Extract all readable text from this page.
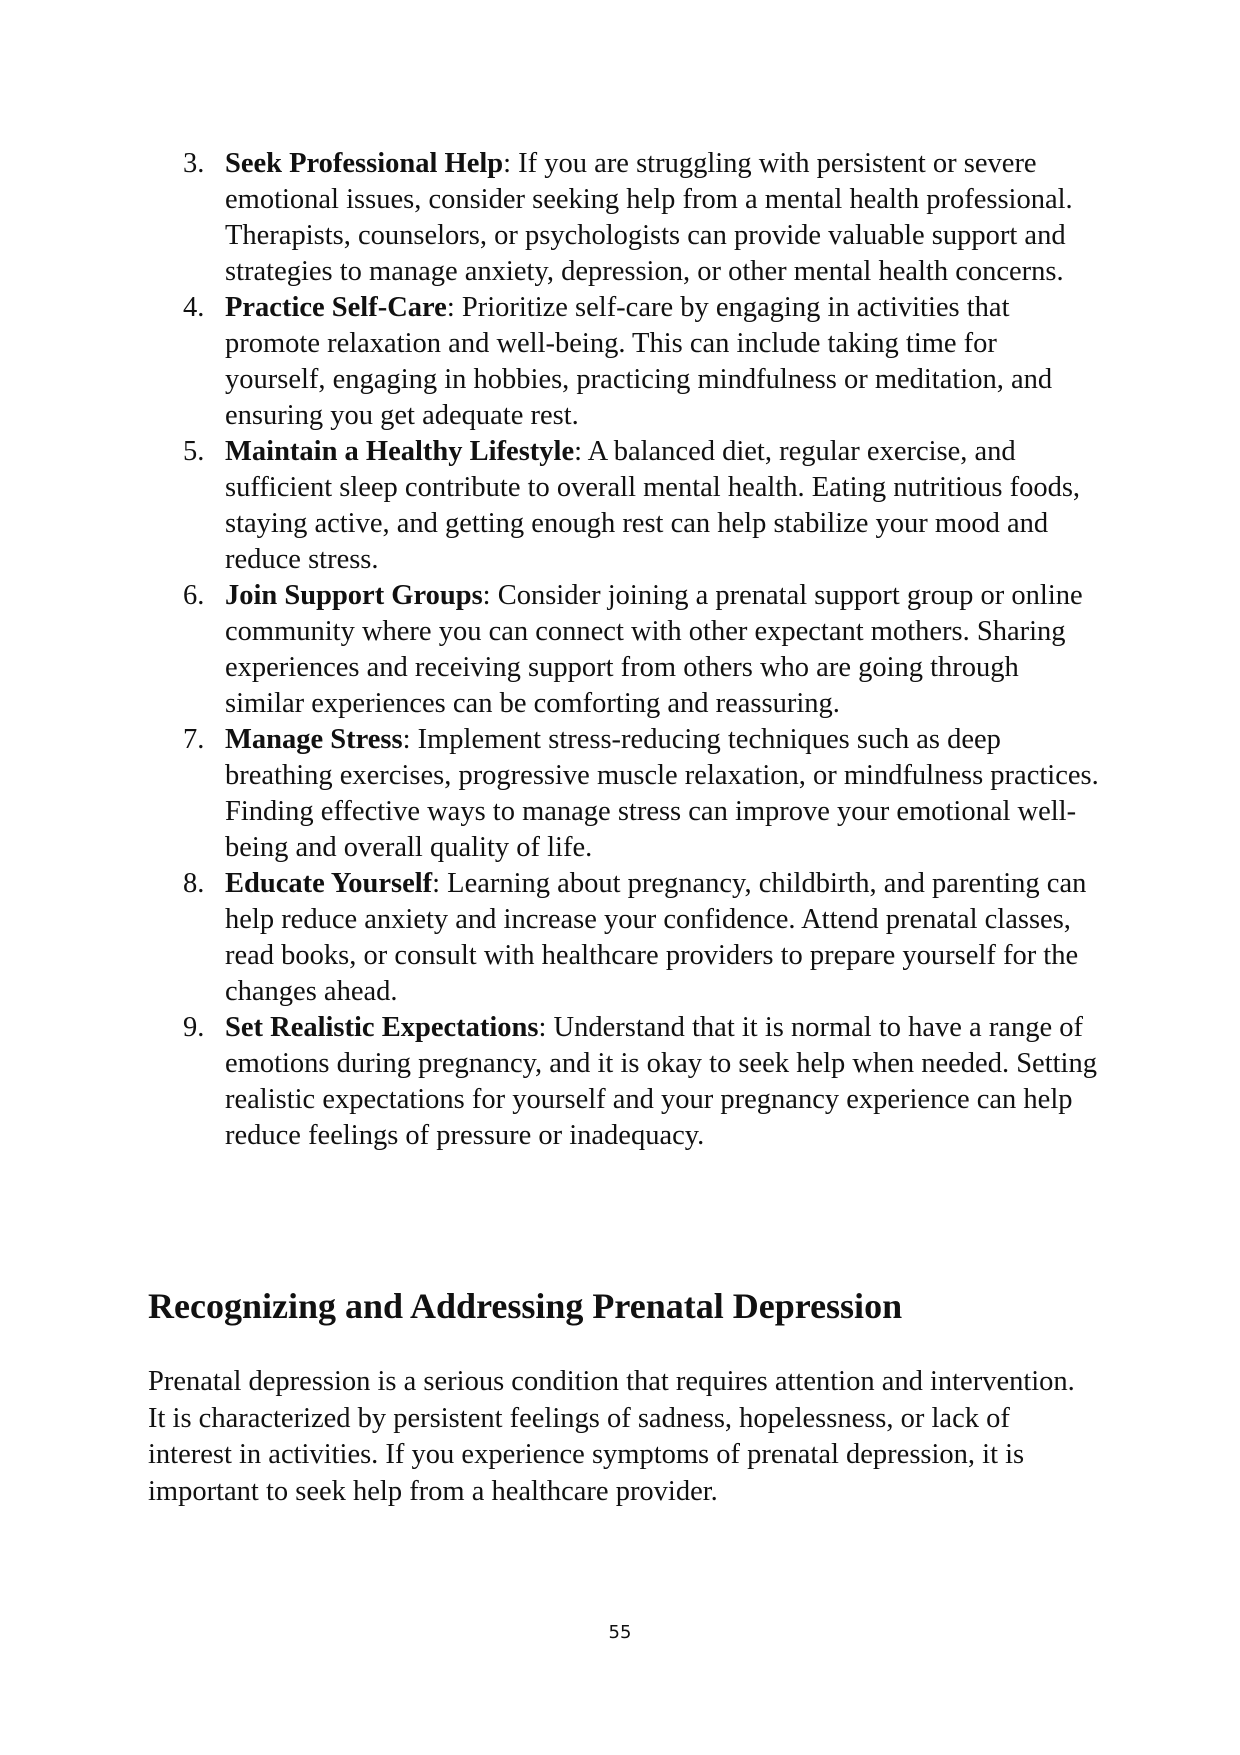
3. Seek Professional Help: If you are struggling with persistent or severe emotional issues, consider seeking help from a mental health professional. Therapists, counselors, or psychologists can provide valuable support and strategies to manage anxiety, depression, or other mental health concerns.
4. Practice Self-Care: Prioritize self-care by engaging in activities that promote relaxation and well-being. This can include taking time for yourself, engaging in hobbies, practicing mindfulness or meditation, and ensuring you get adequate rest.
5. Maintain a Healthy Lifestyle: A balanced diet, regular exercise, and sufficient sleep contribute to overall mental health. Eating nutritious foods, staying active, and getting enough rest can help stabilize your mood and reduce stress.
6. Join Support Groups: Consider joining a prenatal support group or online community where you can connect with other expectant mothers. Sharing experiences and receiving support from others who are going through similar experiences can be comforting and reassuring.
7. Manage Stress: Implement stress-reducing techniques such as deep breathing exercises, progressive muscle relaxation, or mindfulness practices. Finding effective ways to manage stress can improve your emotional well-being and overall quality of life.
8. Educate Yourself: Learning about pregnancy, childbirth, and parenting can help reduce anxiety and increase your confidence. Attend prenatal classes, read books, or consult with healthcare providers to prepare yourself for the changes ahead.
9. Set Realistic Expectations: Understand that it is normal to have a range of emotions during pregnancy, and it is okay to seek help when needed. Setting realistic expectations for yourself and your pregnancy experience can help reduce feelings of pressure or inadequacy.
Recognizing and Addressing Prenatal Depression

Prenatal depression is a serious condition that requires attention and intervention. It is characterized by persistent feelings of sadness, hopelessness, or lack of interest in activities. If you experience symptoms of prenatal depression, it is important to seek help from a healthcare provider.

55
